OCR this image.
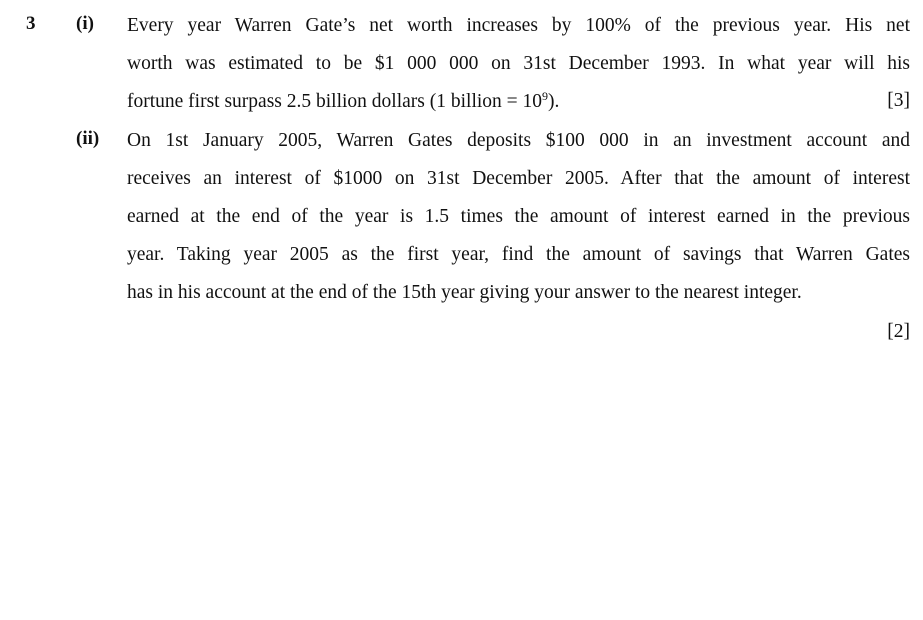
3 (i) Every year Warren Gate’s net worth increases by 100% of the previous year. His net
worth was estimated to be $1 000 000 on 31st December 1993. In what year will his
fortune first surpass 2.5 billion dollars (1 billion = $10^9$).	[3]
(ii) On 1st January 2005, Warren Gates deposits $100 000 in an investment account and
receives an interest of $1000 on 31st December 2005. After that the amount of interest
earned at the end of the year is 1.5 times the amount of interest earned in the previous
year. Taking year 2005 as the first year, find the amount of savings that Warren Gates
has in his account at the end of the 15th year giving your answer to the nearest integer.
[2]
